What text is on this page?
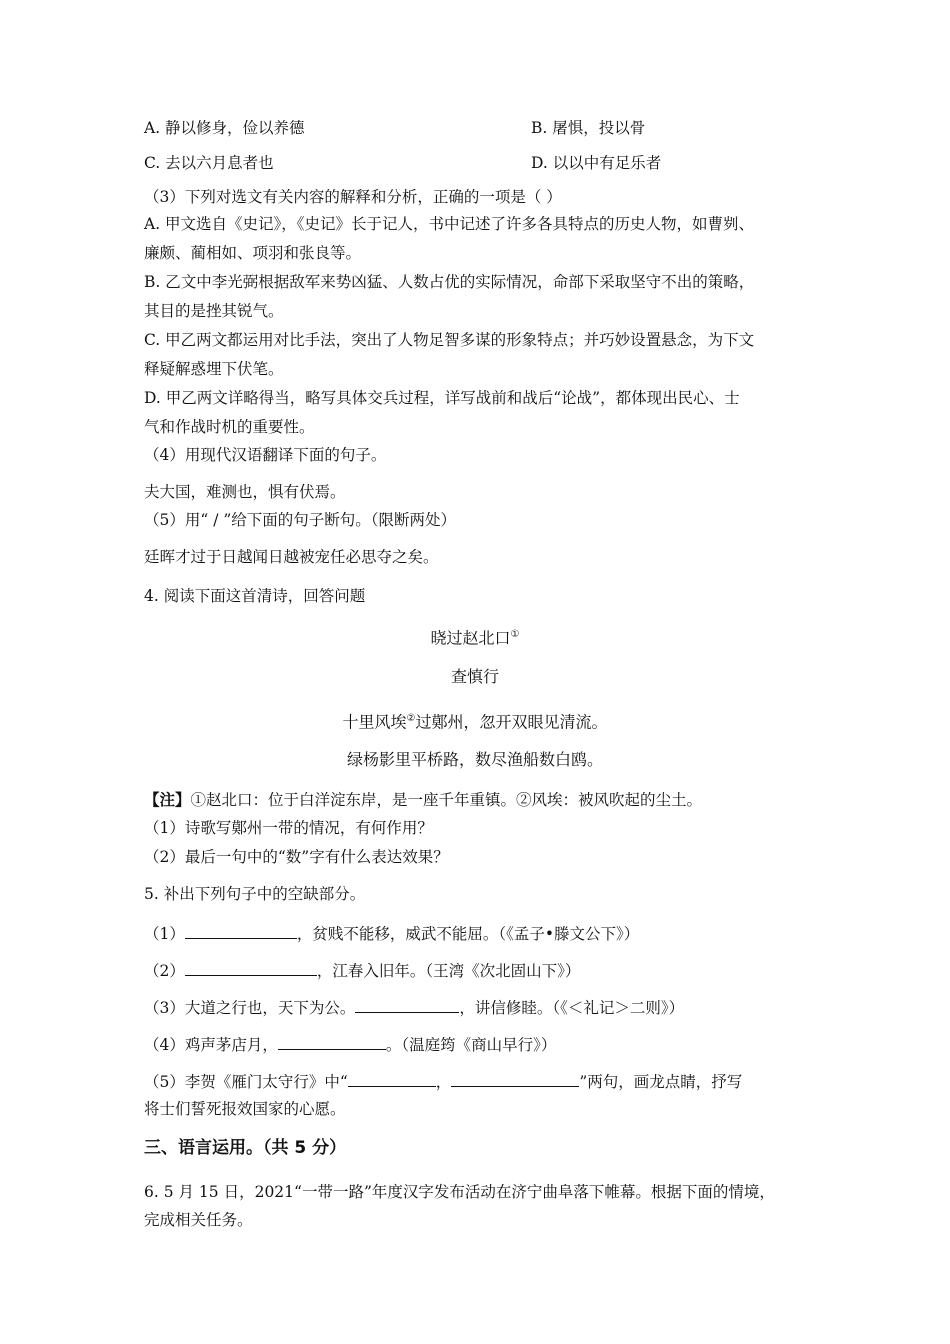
A. 静以修身，俭以养德	B. 屠惧，投以骨
C. 去以六月息者也	D. 以以中有足乐者
（3）下列对选文有关内容的解释和分析，正确的一项是（ ）
A. 甲文选自《史记》，《史记》长于记人，书中记述了许多各具特点的历史人物，如曹刿、
廉颇、蔺相如、项羽和张良等。
B. 乙文中李光弼根据敌军来势凶猛、人数占优的实际情况，命部下采取坚守不出的策略，
其目的是挫其锐气。
C. 甲乙两文都运用对比手法，突出了人物足智多谋的形象特点；并巧妙设置悬念，为下文
释疑解惑埋下伏笔。
D. 甲乙两文详略得当，略写具体交兵过程，详写战前和战后“论战”，都体现出民心、士
气和作战时机的重要性。
（4）用现代汉语翻译下面的句子。
夫大国，难测也，惧有伏焉。
（5）用“ / ”给下面的句子断句。（限断两处）
廷晖才过于日越闻日越被宠任必思夺之矣。
4. 阅读下面这首清诗，回答问题
晓过赵北口①
查慎行
十里风埃②过鄚州，忽开双眼见清流。
绿杨影里平桥路，数尽渔船数白鸥。
【注】①赵北口：位于白洋淀东岸，是一座千年重镇。②风埃：被风吹起的尘土。
（1）诗歌写鄚州一带的情况，有何作用？
（2）最后一句中的“数”字有什么表达效果？
5. 补出下列句子中的空缺部分。
（1）	，贫贱不能移，威武不能屈。（《孟子•滕文公下》）
（2）	，江春入旧年。（王湾《次北固山下》）
（3）大道之行也，天下为公。	，讲信修睦。（《＜礼记＞二则》）
（4）鸡声茅店月，	。（温庭筠《商山早行》）
（5）李贺《雁门太守行》中“	，	”两句，画龙点睛，抒写
将士们誓死报效国家的心愿。
三、语言运用。（共 5 分）
6. 5 月 15 日，2021“一带一路”年度汉字发布活动在济宁曲阜落下帷幕。根据下面的情境，
完成相关任务。
